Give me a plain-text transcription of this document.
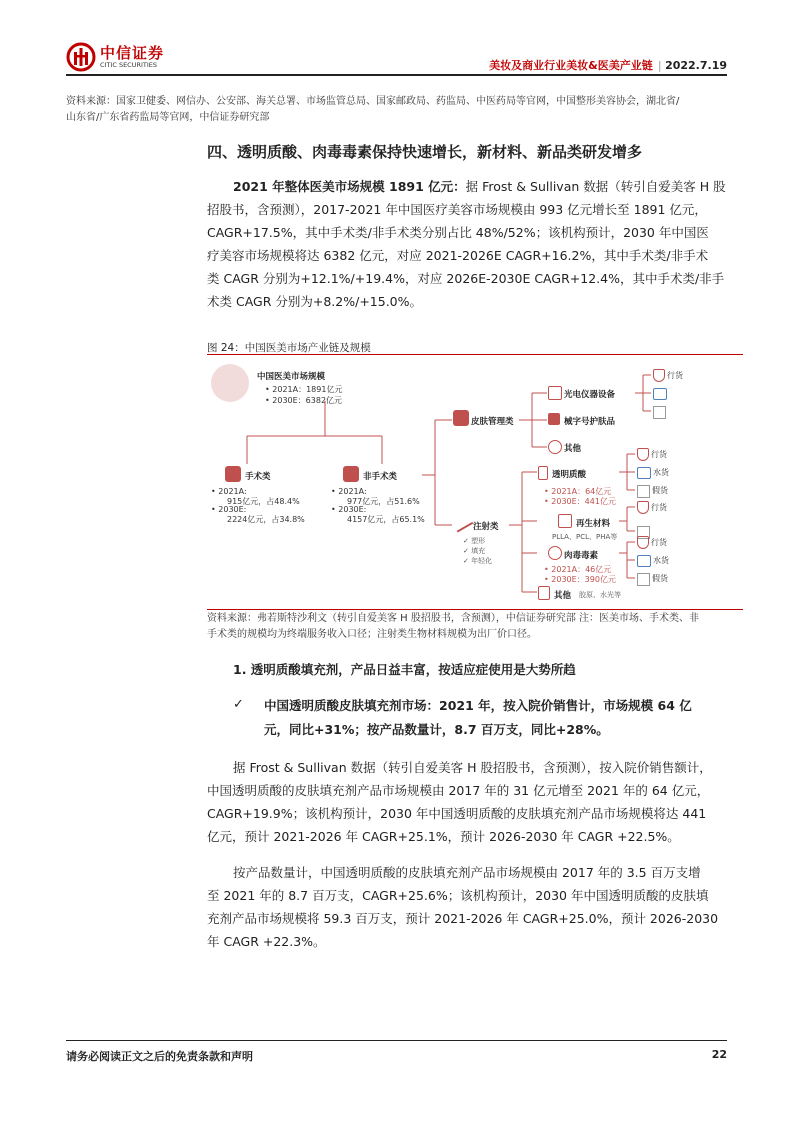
中信证券
CITIC SECURITIES	美妆及商业行业美妆&医美产业链 | 2022.7.19
资料来源：国家卫健委、网信办、公安部、海关总署、市场监管总局、国家邮政局、药监局、中医药局等官网，中国整形美容协会，湖北省/
山东省/广东省药监局等官网，中信证券研究部
四、透明质酸、肉毒毒素保持快速增长，新材料、新品类研发增多
2021 年整体医美市场规模 1891 亿元：据 Frost & Sullivan 数据（转引自爱美客 H 股
招股书，含预测），2017-2021 年中国医疗美容市场规模由 993 亿元增长至 1891 亿元，
CAGR+17.5%，其中手术类/非手术类分别占比 48%/52%；该机构预计，2030 年中国医
疗美容市场规模将达 6382 亿元，对应 2021-2026E CAGR+16.2%，其中手术类/非手术
类 CAGR 分别为+12.1%/+19.4%，对应 2026E-2030E CAGR+12.4%，其中手术类/非手
术类 CAGR 分别为+8.2%/+15.0%。
图 24：中国医美市场产业链及规模
中国医美市场规模
• 2021A：1891亿元
• 2030E：6382亿元
手术类
• 2021A:
915亿元，占48.4%
• 2030E:
2224亿元，占34.8%
非手术类
• 2021A:
977亿元，占51.6%
• 2030E:
4157亿元，占65.1%
皮肤管理类
光电仪器设备
械字号护肤品
其他
行货
注射类
✓ 塑形
✓ 填充
✓ 年轻化
透明质酸
• 2021A：64亿元
• 2030E：441亿元
再生材料
PLLA、PCL、PHA等
肉毒毒素
• 2021A：46亿元
• 2030E：390亿元
其他 胶原、水光等
行货
水货
假货
行货
行货
水货
假货
资料来源：弗若斯特沙利文（转引自爱美客 H 股招股书，含预测），中信证券研究部 注：医美市场、手术类、非
手术类的规模均为终端服务收入口径；注射类生物材料规模为出厂价口径。
1. 透明质酸填充剂，产品日益丰富，按适应症使用是大势所趋
✓ 中国透明质酸皮肤填充剂市场：2021 年，按入院价销售计，市场规模 64 亿
元，同比+31%；按产品数量计，8.7 百万支，同比+28%。
据 Frost & Sullivan 数据（转引自爱美客 H 股招股书，含预测），按入院价销售额计，
中国透明质酸的皮肤填充剂产品市场规模由 2017 年的 31 亿元增至 2021 年的 64 亿元，
CAGR+19.9%；该机构预计，2030 年中国透明质酸的皮肤填充剂产品市场规模将达 441
亿元，预计 2021-2026 年 CAGR+25.1%，预计 2026-2030 年 CAGR +22.5%。
按产品数量计，中国透明质酸的皮肤填充剂产品市场规模由 2017 年的 3.5 百万支增
至 2021 年的 8.7 百万支，CAGR+25.6%；该机构预计，2030 年中国透明质酸的皮肤填
充剂产品市场规模将 59.3 百万支，预计 2021-2026 年 CAGR+25.0%，预计 2026-2030
年 CAGR +22.3%。
请务必阅读正文之后的免责条款和声明	22
